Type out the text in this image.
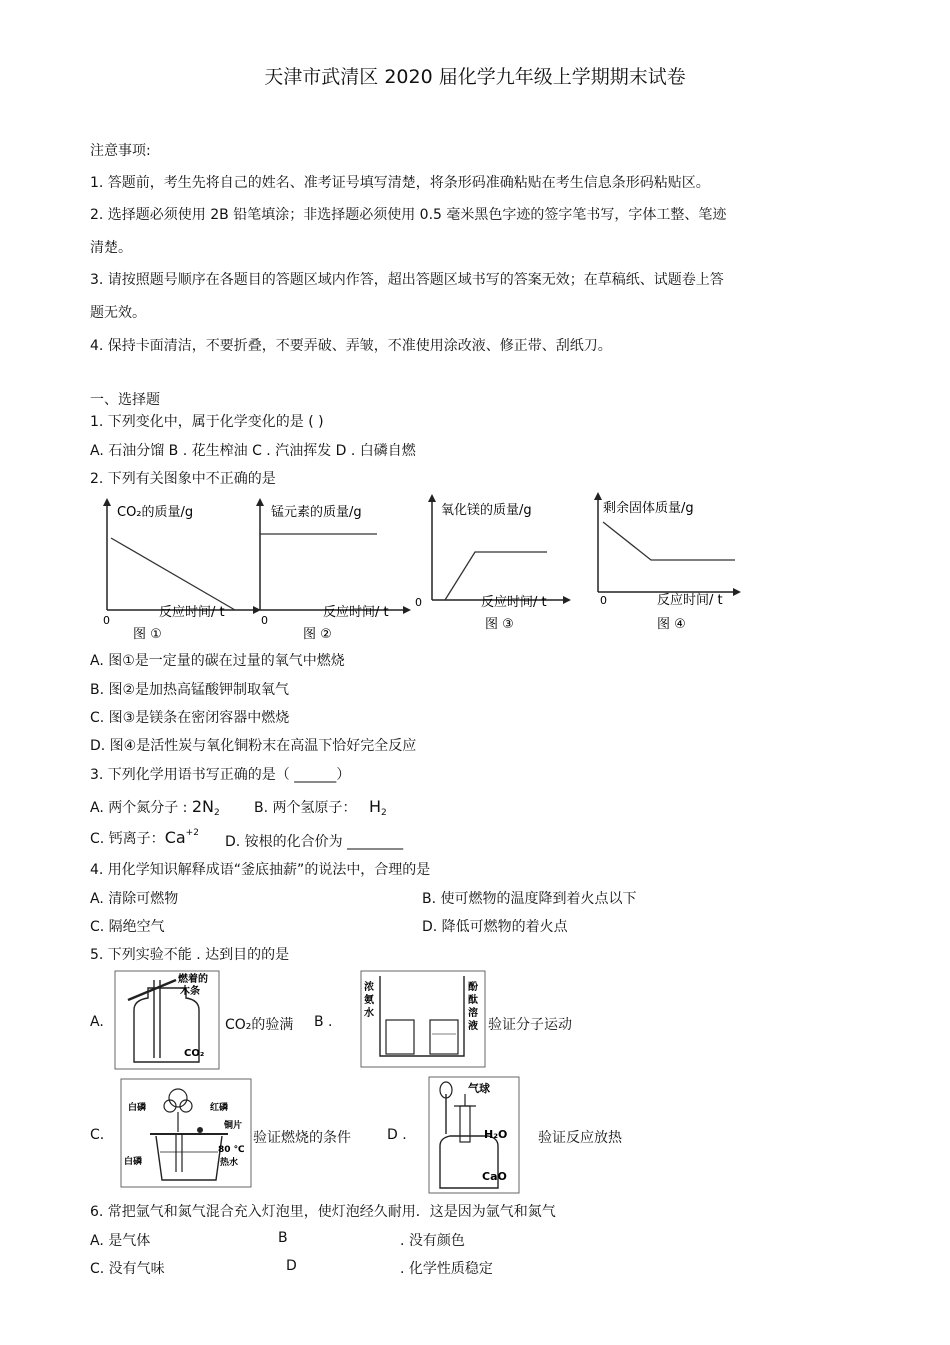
天津市武清区 2020 届化学九年级上学期期末试卷
注意事项:
1. 答题前，考生先将自己的姓名、准考证号填写清楚，将条形码准确粘贴在考生信息条形码粘贴区。
2. 选择题必须使用 2B 铅笔填涂；非选择题必须使用 0.5 毫米黑色字迹的签字笔书写，字体工整、笔迹
清楚。
3. 请按照题号顺序在各题目的答题区域内作答，超出答题区域书写的答案无效；在草稿纸、试题卷上答
题无效。
4. 保持卡面清洁，不要折叠，不要弄破、弄皱，不准使用涂改液、修正带、刮纸刀。
一、选择题
1. 下列变化中，属于化学变化的是 ( )
A. 石油分馏 B . 花生榨油 C . 汽油挥发 D . 白磷自燃
2. 下列有关图象中不正确的是
CO₂的质量/g
0
反应时间/ t
图 ①
锰元素的质量/g
0
反应时间/ t
图 ②
氧化镁的质量/g
0	反应时间/ t
图 ③
剩余固体质量/g
0	反应时间/ t
图 ④
A. 图①是一定量的碳在过量的氧气中燃烧
B. 图②是加热高锰酸钾制取氧气
C. 图③是镁条在密闭容器中燃烧
D. 图④是活性炭与氧化铜粉末在高温下恰好完全反应
3. 下列化学用语书写正确的是（ ______）
A. 两个氮分子 : $2N_2$ B. 两个氢原子： $H_2$
C. 钙离子：$Ca^{+2}$
D. 铵根的化合价为 ________
4. 用化学知识解释成语“釜底抽薪”的说法中，合理的是
A. 清除可燃物	B. 使可燃物的温度降到着火点以下
C. 隔绝空气	D. 降低可燃物的着火点
5. 下列实验不能 . 达到目的的是
A.
燃着的
木条
CO₂
CO₂的验满 B .
浓
氨
水
酚
酞
溶
液 验证分子运动
C.
白磷	红磷
铜片
80 ℃
热水
白磷
验证燃烧的条件	D .
气球
H₂O
CaO
验证反应放热
6. 常把氩气和氮气混合充入灯泡里，使灯泡经久耐用．这是因为氩气和氮气
A. 是气体	B	. 没有颜色
C. 没有气味	D	. 化学性质稳定
